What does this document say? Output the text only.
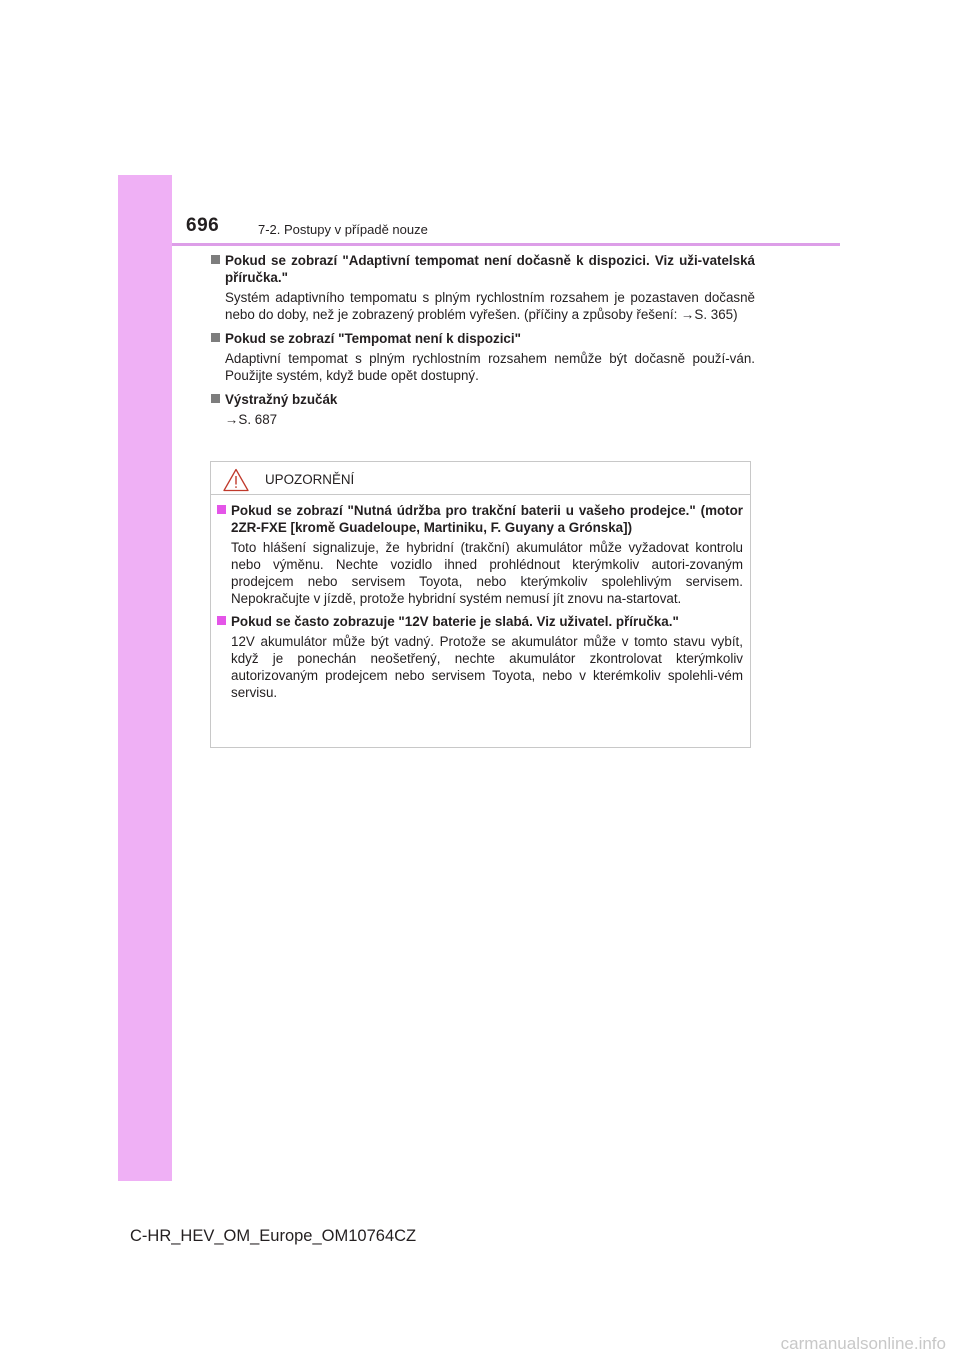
696	7-2. Postupy v případě nouze
Pokud se zobrazí "Adaptivní tempomat není dočasně k dispozici. Viz uži-vatelská příručka."
Systém adaptivního tempomatu s plným rychlostním rozsahem je pozastaven dočasně nebo do doby, než je zobrazený problém vyřešen. (příčiny a způsoby řešení: →S. 365)
Pokud se zobrazí "Tempomat není k dispozici"
Adaptivní tempomat s plným rychlostním rozsahem nemůže být dočasně použí-ván. Použijte systém, když bude opět dostupný.
Výstražný bzučák
→S. 687
UPOZORNĚNÍ
Pokud se zobrazí "Nutná údržba pro trakční baterii u vašeho prodejce." (motor 2ZR-FXE [kromě Guadeloupe, Martiniku, F. Guyany a Grónska])
Toto hlášení signalizuje, že hybridní (trakční) akumulátor může vyžadovat kontrolu nebo výměnu. Nechte vozidlo ihned prohlédnout kterýmkoliv autori-zovaným prodejcem nebo servisem Toyota, nebo kterýmkoliv spolehlivým servisem. Nepokračujte v jízdě, protože hybridní systém nemusí jít znovu na-startovat.
Pokud se často zobrazuje "12V baterie je slabá. Viz uživatel. příručka."
12V akumulátor může být vadný. Protože se akumulátor může v tomto stavu vybít, když je ponechán neošetřený, nechte akumulátor zkontrolovat kterýmkoliv autorizovaným prodejcem nebo servisem Toyota, nebo v kterémkoliv spolehli-vém servisu.
C-HR_HEV_OM_Europe_OM10764CZ
carmanualsonline.info
